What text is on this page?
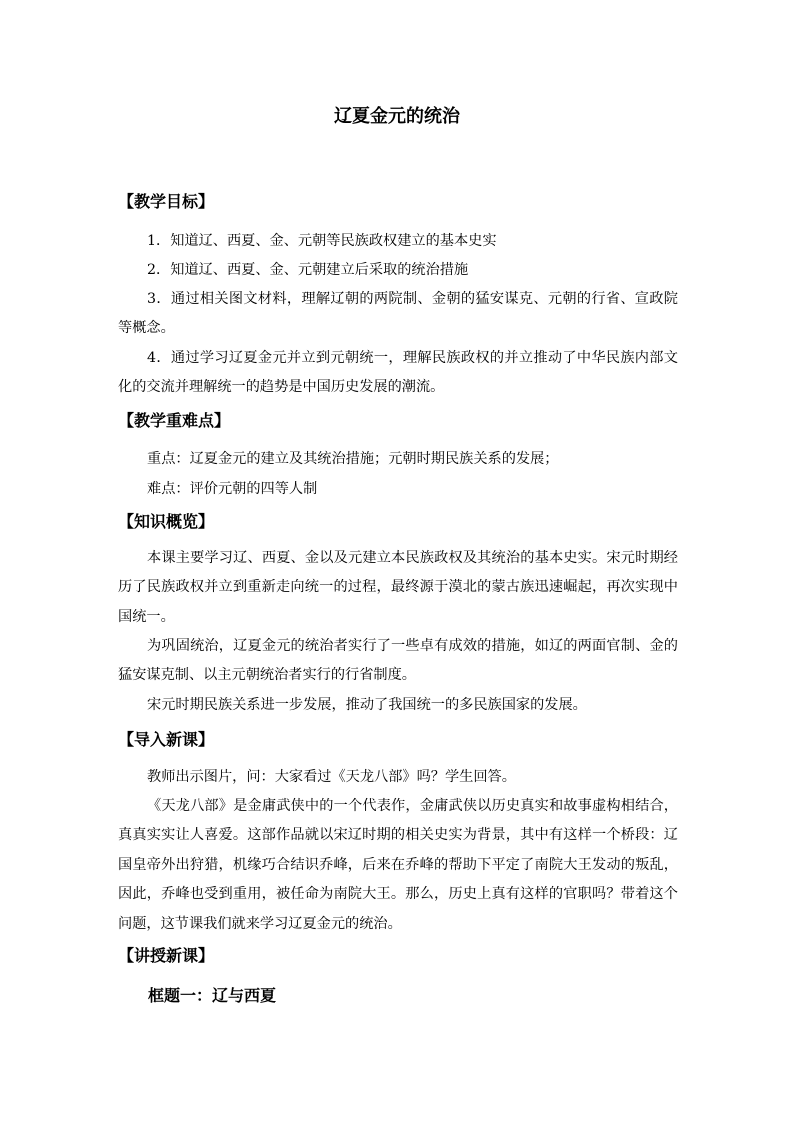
辽夏金元的统治
【教学目标】

1．知道辽、西夏、金、元朝等民族政权建立的基本史实

2．知道辽、西夏、金、元朝建立后采取的统治措施

3．通过相关图文材料，理解辽朝的两院制、金朝的猛安谋克、元朝的行省、宣政院等概念。

4．通过学习辽夏金元并立到元朝统一，理解民族政权的并立推动了中华民族内部文化的交流并理解统一的趋势是中国历史发展的潮流。

【教学重难点】

重点：辽夏金元的建立及其统治措施；元朝时期民族关系的发展；

难点：评价元朝的四等人制

【知识概览】

本课主要学习辽、西夏、金以及元建立本民族政权及其统治的基本史实。宋元时期经历了民族政权并立到重新走向统一的过程，最终源于漠北的蒙古族迅速崛起，再次实现中国统一。

为巩固统治，辽夏金元的统治者实行了一些卓有成效的措施，如辽的两面官制、金的猛安谋克制、以主元朝统治者实行的行省制度。

宋元时期民族关系进一步发展，推动了我国统一的多民族国家的发展。

【导入新课】

教师出示图片，问：大家看过《天龙八部》吗？学生回答。

《天龙八部》是金庸武侠中的一个代表作，金庸武侠以历史真实和故事虚构相结合，真真实实让人喜爱。这部作品就以宋辽时期的相关史实为背景，其中有这样一个桥段：辽国皇帝外出狩猎，机缘巧合结识乔峰，后来在乔峰的帮助下平定了南院大王发动的叛乱，因此，乔峰也受到重用，被任命为南院大王。那么，历史上真有这样的官职吗？带着这个问题，这节课我们就来学习辽夏金元的统治。

【讲授新课】
框题一：辽与西夏
